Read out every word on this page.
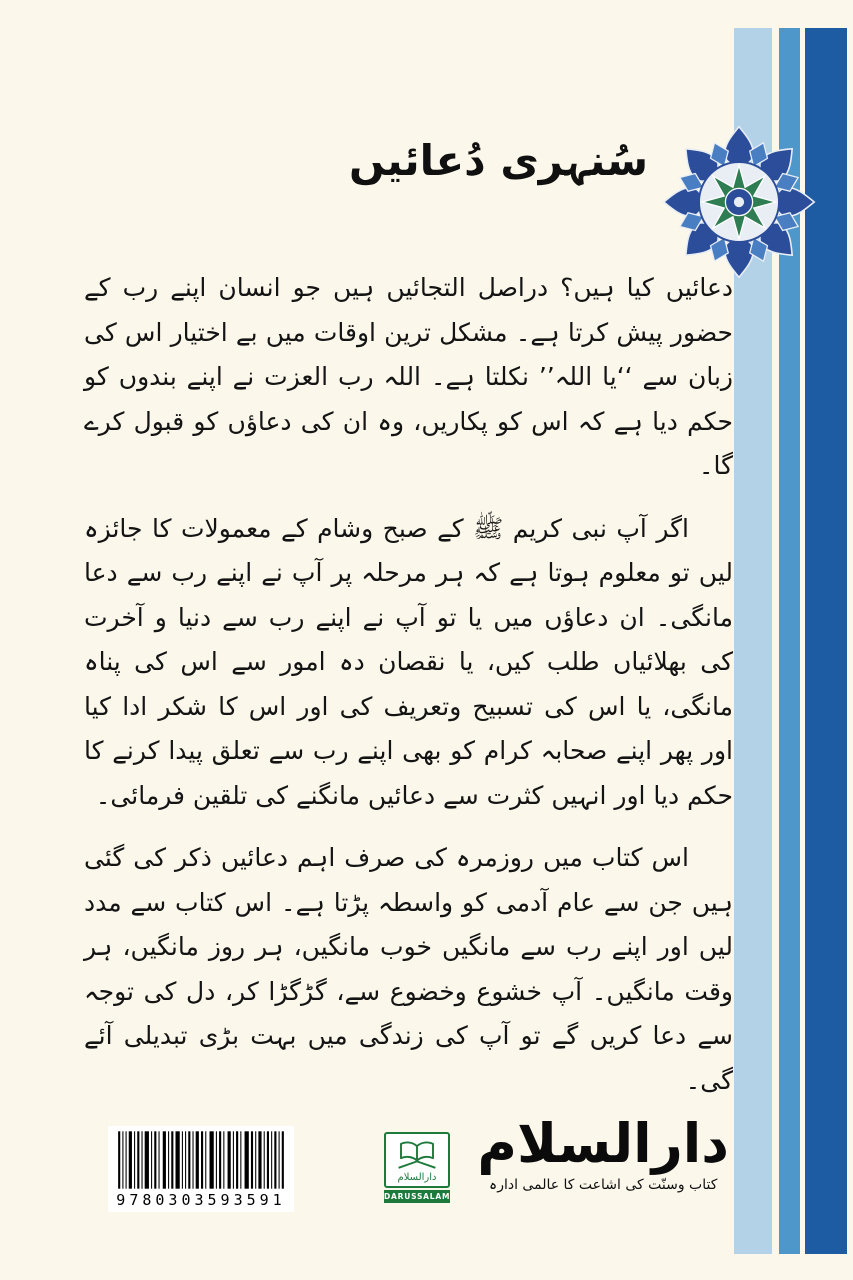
سُنہری دُعائیں

دعائیں کیا ہیں؟ دراصل التجائیں ہیں جو انسان اپنے رب کے حضور پیش کرتا ہے۔ مشکل ترین اوقات میں بے اختیار اس کی زبان سے ‘‘یا اللہ’’ نکلتا ہے۔ اللہ رب العزت نے اپنے بندوں کو حکم دیا ہے کہ اس کو پکاریں، وہ ان کی دعاؤں کو قبول کرے گا۔

اگر آپ نبی کریم ﷺ کے صبح وشام کے معمولات کا جائزہ لیں تو معلوم ہوتا ہے کہ ہر مرحلہ پر آپ نے اپنے رب سے دعا مانگی۔ ان دعاؤں میں یا تو آپ نے اپنے رب سے دنیا و آخرت کی بھلائیاں طلب کیں، یا نقصان دہ امور سے اس کی پناہ مانگی، یا اس کی تسبیح وتعریف کی اور اس کا شکر ادا کیا اور پھر اپنے صحابہ کرام کو بھی اپنے رب سے تعلق پیدا کرنے کا حکم دیا اور انہیں کثرت سے دعائیں مانگنے کی تلقین فرمائی۔

اس کتاب میں روزمرہ کی صرف اہم دعائیں ذکر کی گئی ہیں جن سے عام آدمی کو واسطہ پڑتا ہے۔ اس کتاب سے مدد لیں اور اپنے رب سے مانگیں خوب مانگیں، ہر روز مانگیں، ہر وقت مانگیں۔ آپ خشوع وخضوع سے، گڑگڑا کر، دل کی توجہ سے دعا کریں گے تو آپ کی زندگی میں بہت بڑی تبدیلی آئے گی۔

9780303593591
دارالسلام
DARUSSALAM
دارالسلام
کتاب وسنّت کی اشاعت کا عالمی ادارہ
